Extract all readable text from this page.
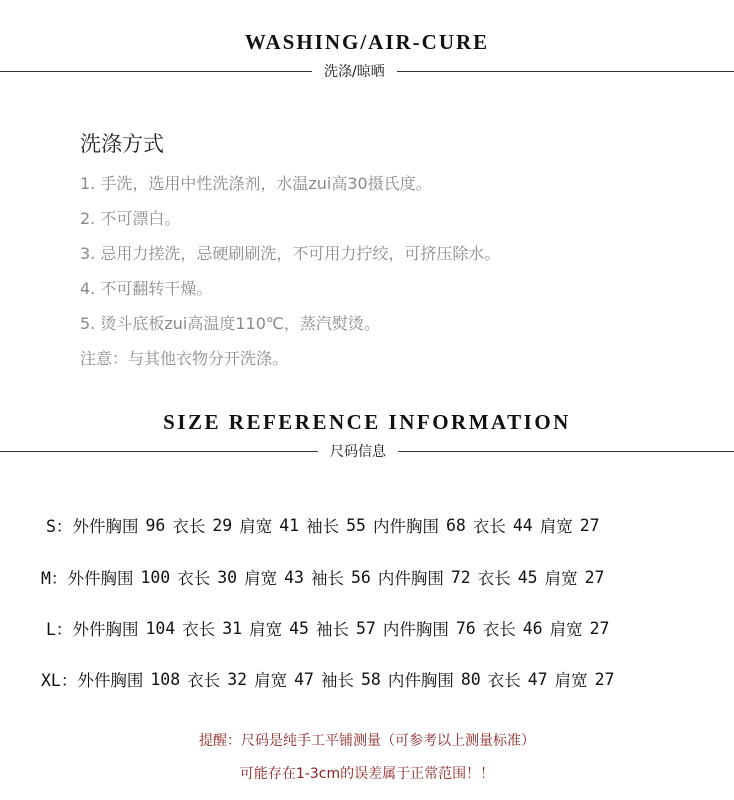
WASHING/AIR-CURE
洗涤/晾晒
洗涤方式
1. 手洗，选用中性洗涤剂，水温zui高30摄氏度。
2. 不可漂白。
3. 忌用力搓洗，忌硬刷刷洗，不可用力拧绞，可挤压除水。
4. 不可翻转干燥。
5. 烫斗底板zui高温度110℃，蒸汽熨烫。
注意：与其他衣物分开洗涤。
SIZE REFERENCE INFORMATION
尺码信息
S： 外件胸围 96 衣长 29 肩宽 41 袖长 55 内件胸围 68 衣长 44 肩宽 27
M： 外件胸围 100 衣长 30 肩宽 43 袖长 56 内件胸围 72 衣长 45 肩宽 27
L： 外件胸围 104 衣长 31 肩宽 45 袖长 57 内件胸围 76 衣长 46 肩宽 27
XL： 外件胸围 108 衣长 32 肩宽 47 袖长 58 内件胸围 80 衣长 47 肩宽 27
提醒：尺码是纯手工平铺测量（可参考以上测量标准）
可能存在1-3cm的误差属于正常范围！！
